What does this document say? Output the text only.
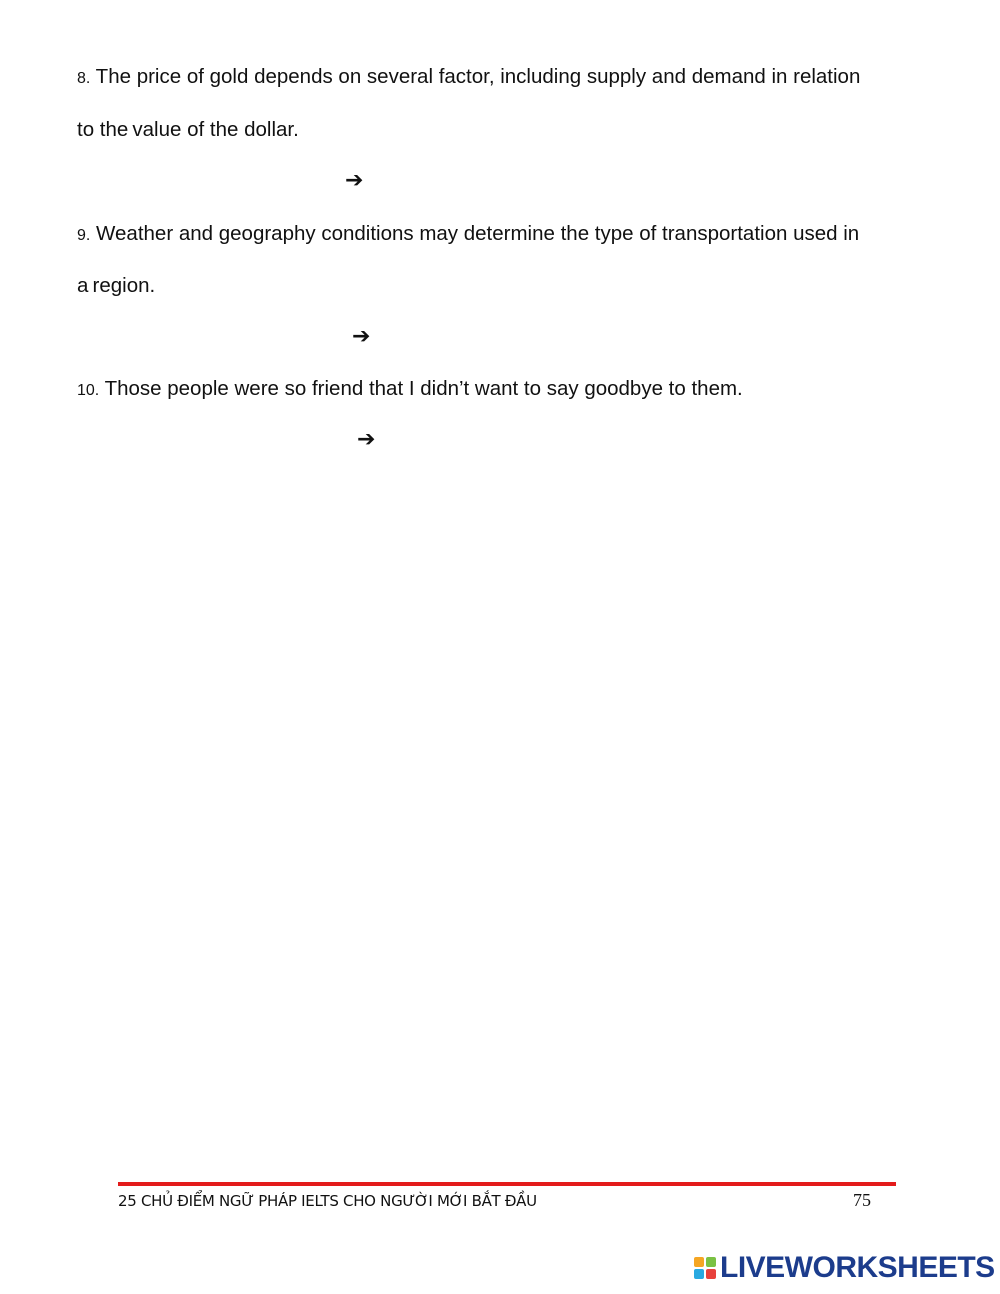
8. The price of gold depends on several factor, including supply and demand in relation
to the value of the dollar.
➔
9. Weather and geography conditions may determine the type of transportation used in
a region.
➔
10. Those people were so friend that I didn’t want to say goodbye to them.
➔
25 CHỦ ĐIỂM NGỮ PHÁP IELTS CHO NGƯỜI MỚI BẮT ĐẦU	75
LIVEWORKSHEETS
